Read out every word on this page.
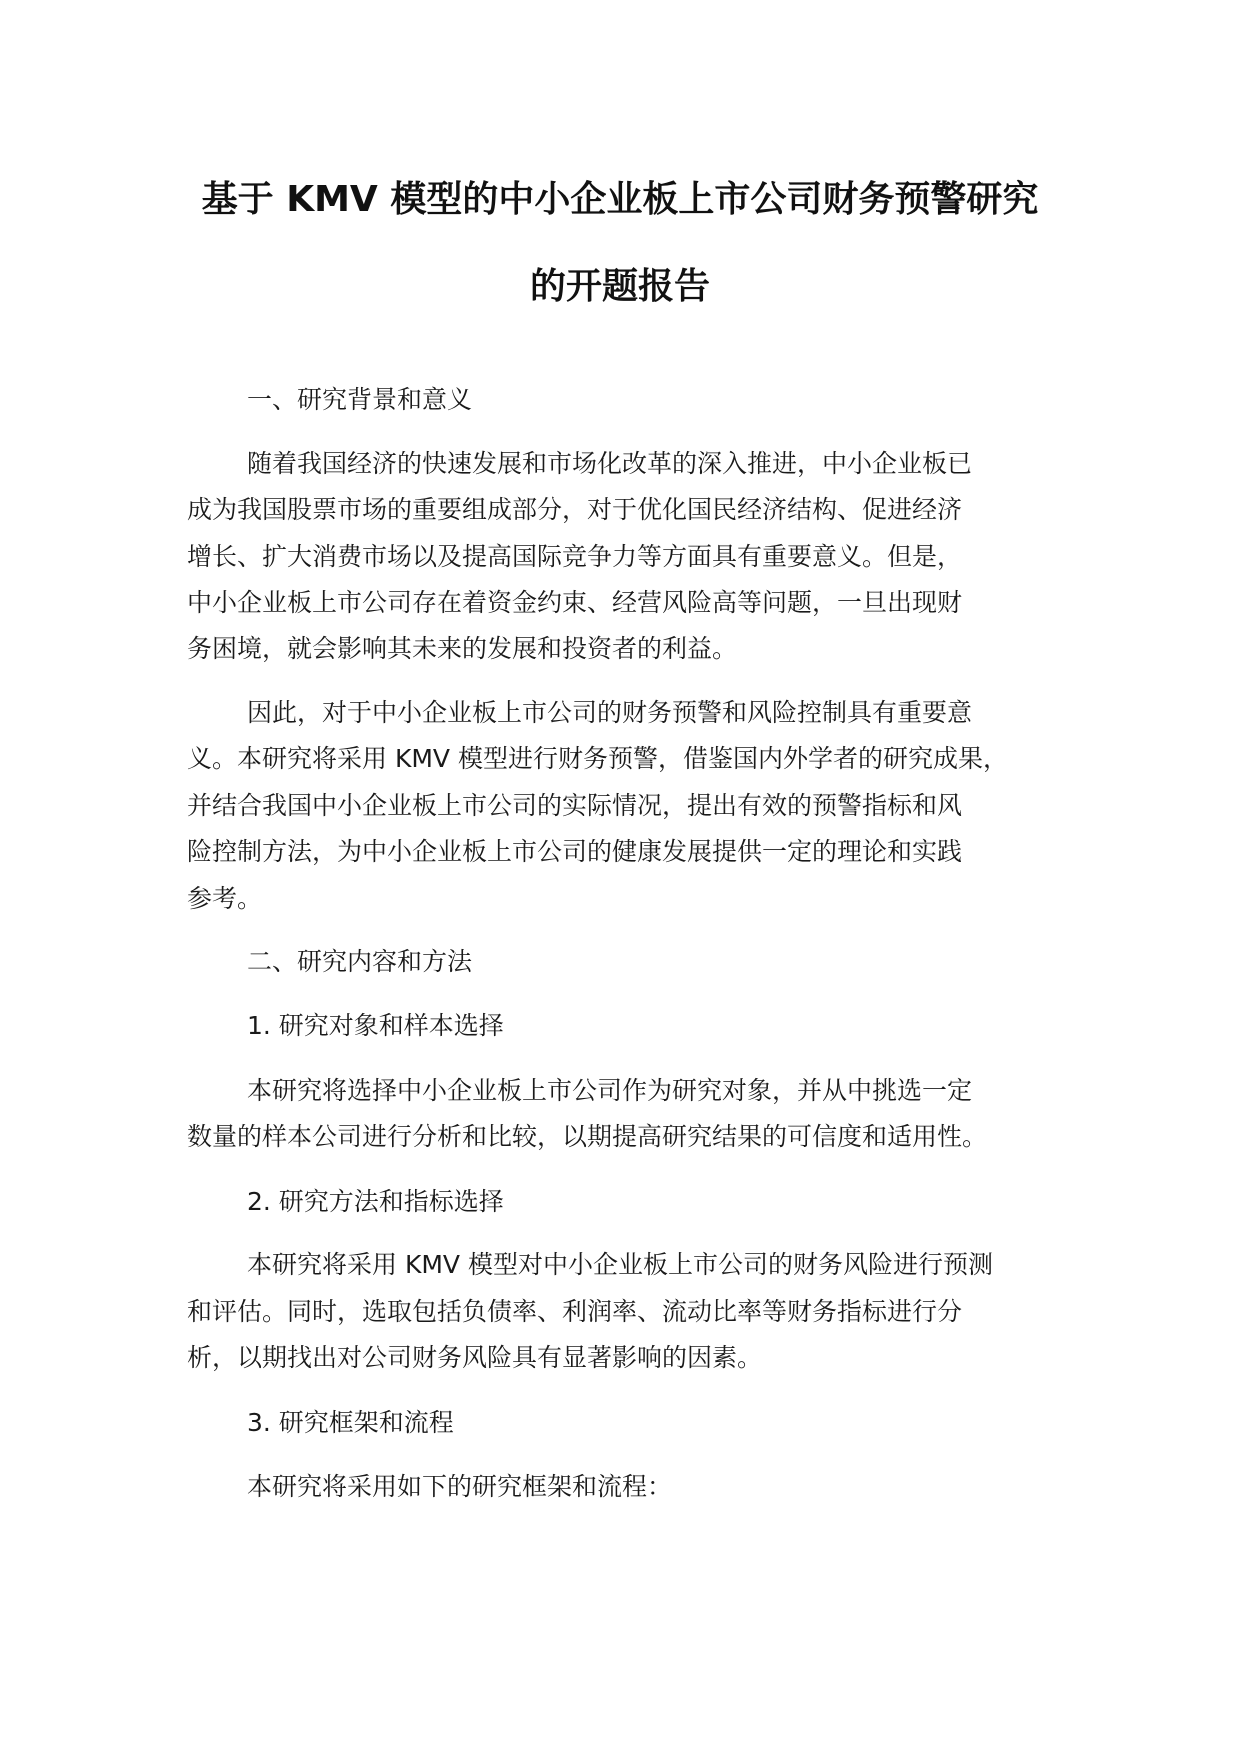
基于 KMV 模型的中小企业板上市公司财务预警研究
的开题报告
一、研究背景和意义
随着我国经济的快速发展和市场化改革的深入推进，中小企业板已
成为我国股票市场的重要组成部分，对于优化国民经济结构、促进经济
增长、扩大消费市场以及提高国际竞争力等方面具有重要意义。但是，
中小企业板上市公司存在着资金约束、经营风险高等问题，一旦出现财
务困境，就会影响其未来的发展和投资者的利益。
因此，对于中小企业板上市公司的财务预警和风险控制具有重要意
义。本研究将采用 KMV 模型进行财务预警，借鉴国内外学者的研究成果，
并结合我国中小企业板上市公司的实际情况，提出有效的预警指标和风
险控制方法，为中小企业板上市公司的健康发展提供一定的理论和实践
参考。
二、研究内容和方法
1. 研究对象和样本选择
本研究将选择中小企业板上市公司作为研究对象，并从中挑选一定
数量的样本公司进行分析和比较，以期提高研究结果的可信度和适用性。
2. 研究方法和指标选择
本研究将采用 KMV 模型对中小企业板上市公司的财务风险进行预测
和评估。同时，选取包括负债率、利润率、流动比率等财务指标进行分
析，以期找出对公司财务风险具有显著影响的因素。
3. 研究框架和流程
本研究将采用如下的研究框架和流程：
